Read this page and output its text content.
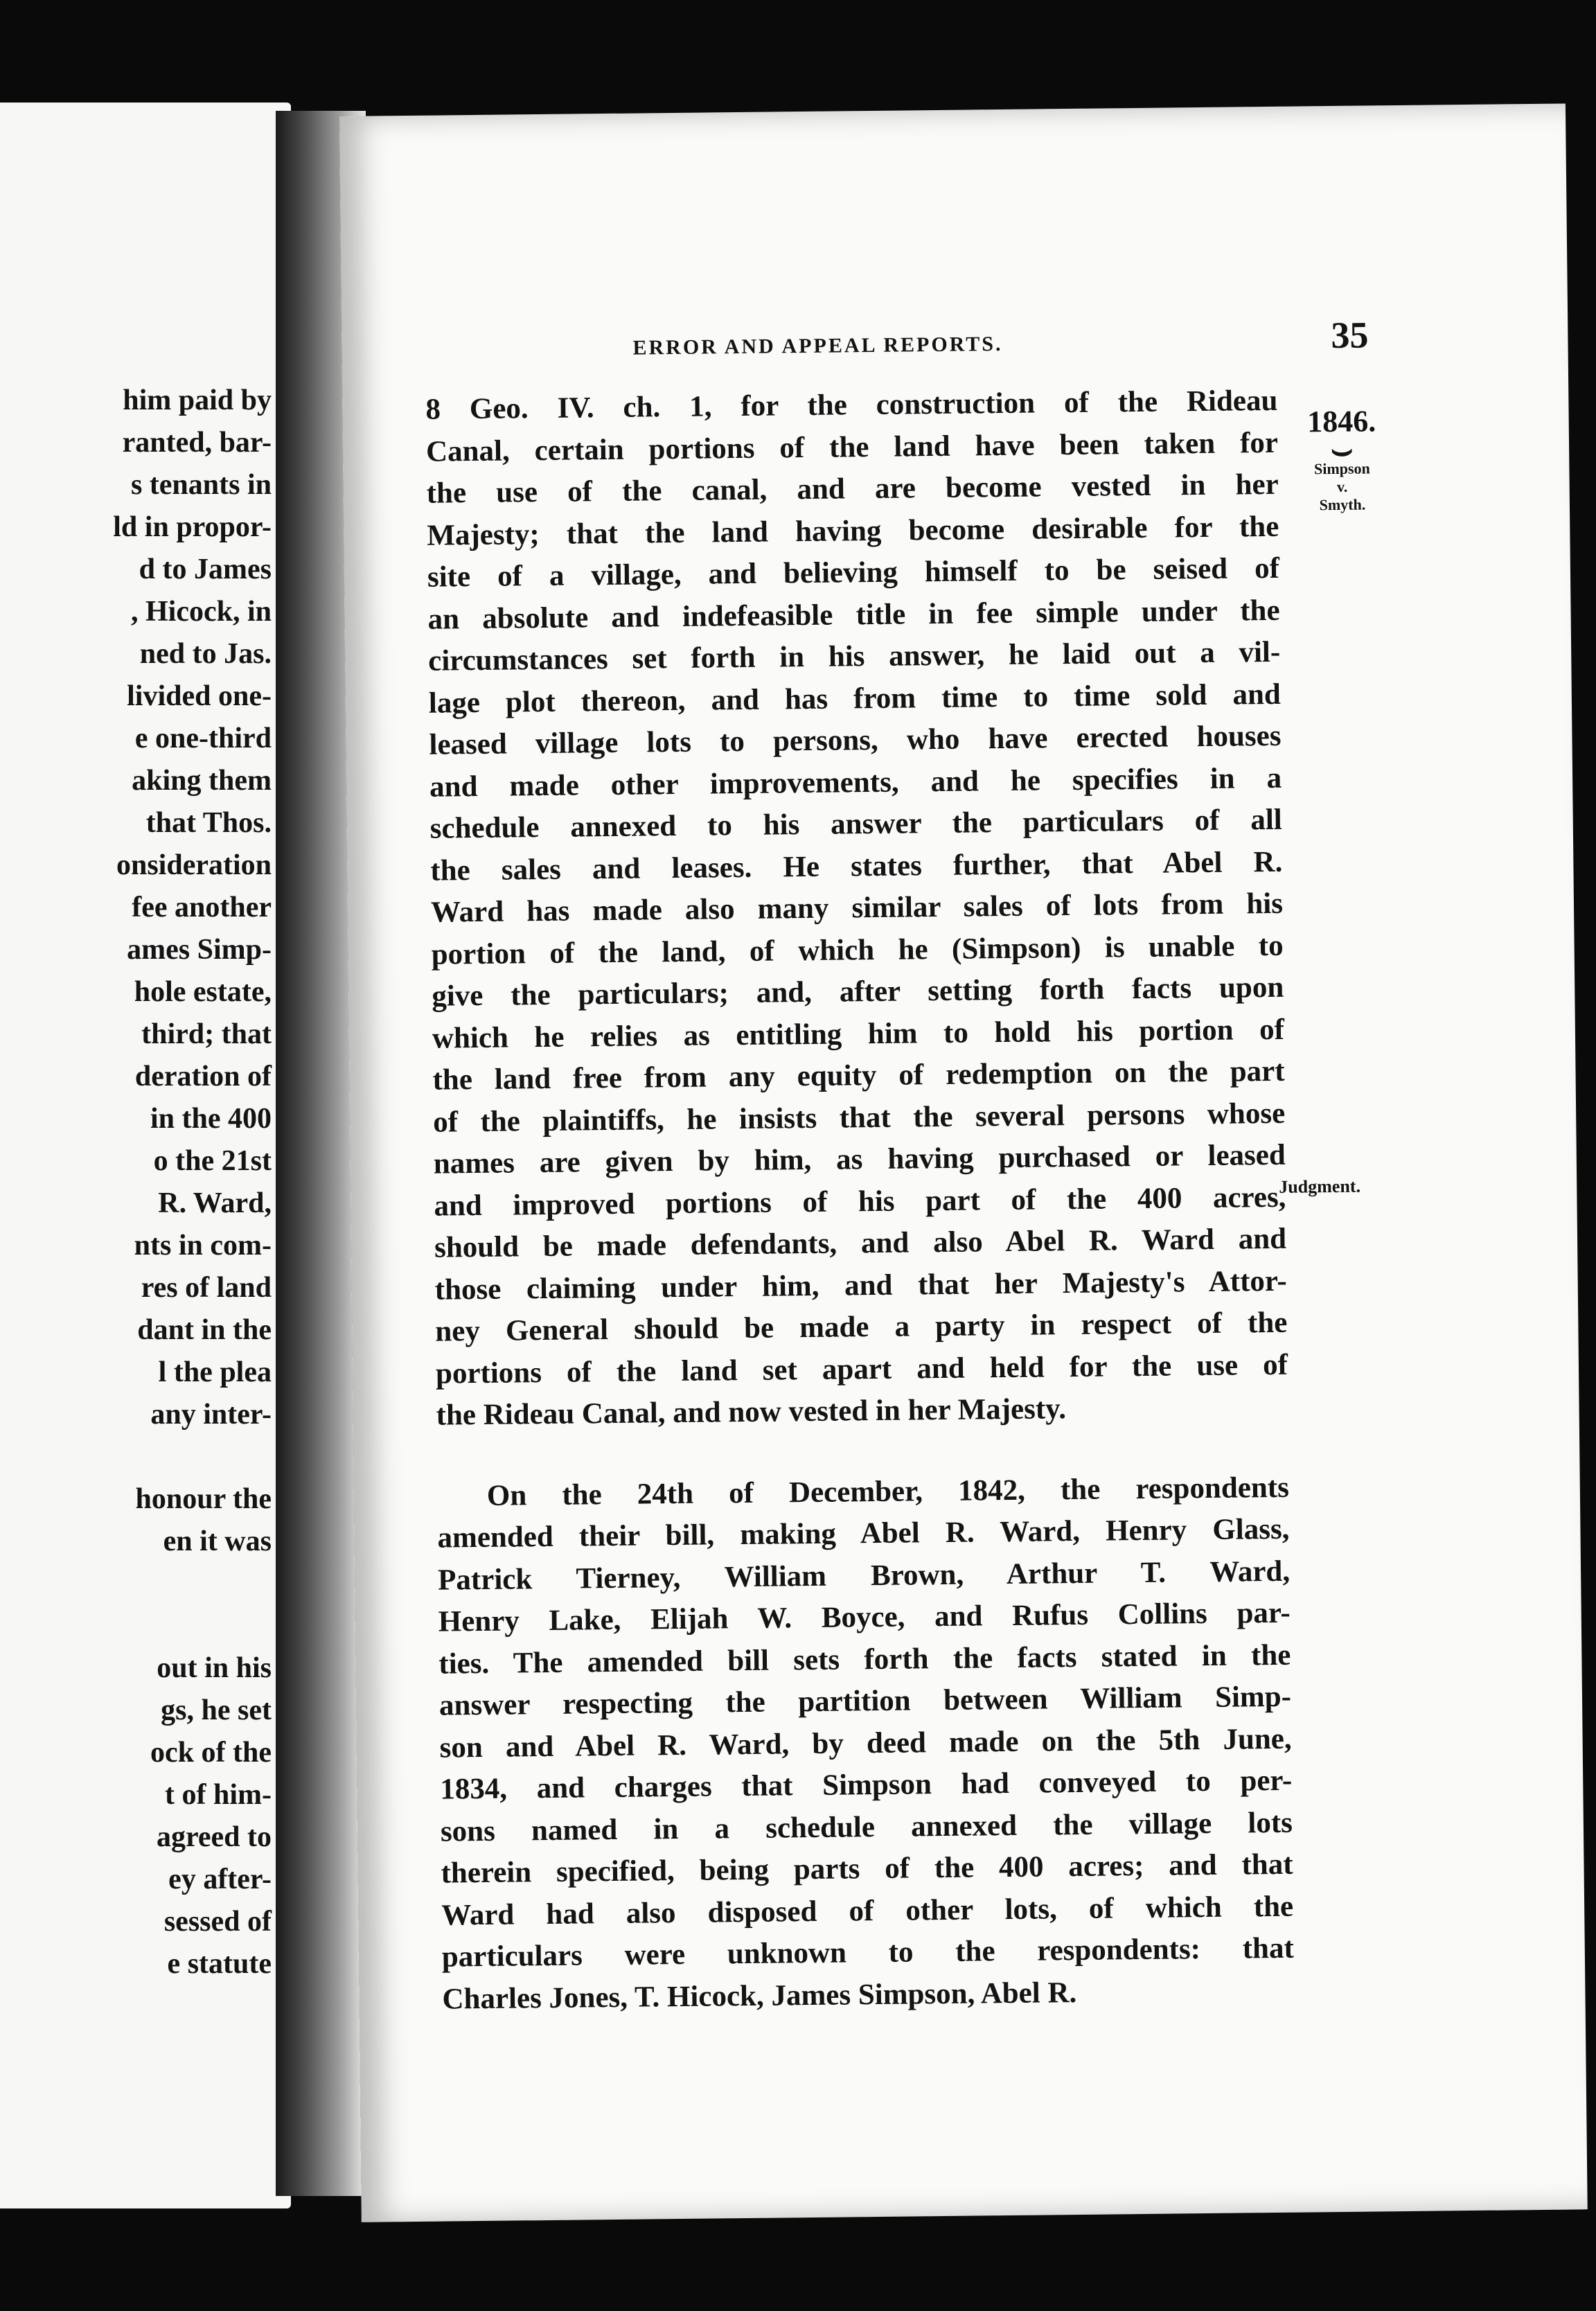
him paid by
ranted, bar-
s tenants in
ld in propor-
d to James
, Hicock, in
ned to Jas.
livided one-
e one-third
aking them
that Thos.
onsideration
fee another
ames Simp-
hole estate,
third; that
deration of
in the 400
o the 21st
R. Ward,
nts in com-
res of land
dant in the
l the plea
any inter-

honour the
en it was

out in his
gs, he set
ock of the
t of him-
agreed to
ey after-
sessed of
e statute
ERROR AND APPEAL REPORTS.	35
1846.
⌣
Simpson
v.
Smyth.
Judgment.
8 Geo. IV. ch. 1, for the construction of the Rideau
Canal, certain portions of the land have been taken for
the use of the canal, and are become vested in her
Majesty; that the land having become desirable for the
site of a village, and believing himself to be seised of
an absolute and indefeasible title in fee simple under the
circumstances set forth in his answer, he laid out a vil-
lage plot thereon, and has from time to time sold and
leased village lots to persons, who have erected houses
and made other improvements, and he specifies in a
schedule annexed to his answer the particulars of all
the sales and leases. He states further, that Abel R.
Ward has made also many similar sales of lots from his
portion of the land, of which he (Simpson) is unable to
give the particulars; and, after setting forth facts upon
which he relies as entitling him to hold his portion of
the land free from any equity of redemption on the part
of the plaintiffs, he insists that the several persons whose
names are given by him, as having purchased or leased
and improved portions of his part of the 400 acres,
should be made defendants, and also Abel R. Ward and
those claiming under him, and that her Majesty's Attor-
ney General should be made a party in respect of the
portions of the land set apart and held for the use of
the Rideau Canal, and now vested in her Majesty.
On the 24th of December, 1842, the respondents
amended their bill, making Abel R. Ward, Henry Glass,
Patrick Tierney, William Brown, Arthur T. Ward,
Henry Lake, Elijah W. Boyce, and Rufus Collins par-
ties. The amended bill sets forth the facts stated in the
answer respecting the partition between William Simp-
son and Abel R. Ward, by deed made on the 5th June,
1834, and charges that Simpson had conveyed to per-
sons named in a schedule annexed the village lots
therein specified, being parts of the 400 acres; and that
Ward had also disposed of other lots, of which the
particulars were unknown to the respondents: that
Charles Jones, T. Hicock, James Simpson, Abel R.
